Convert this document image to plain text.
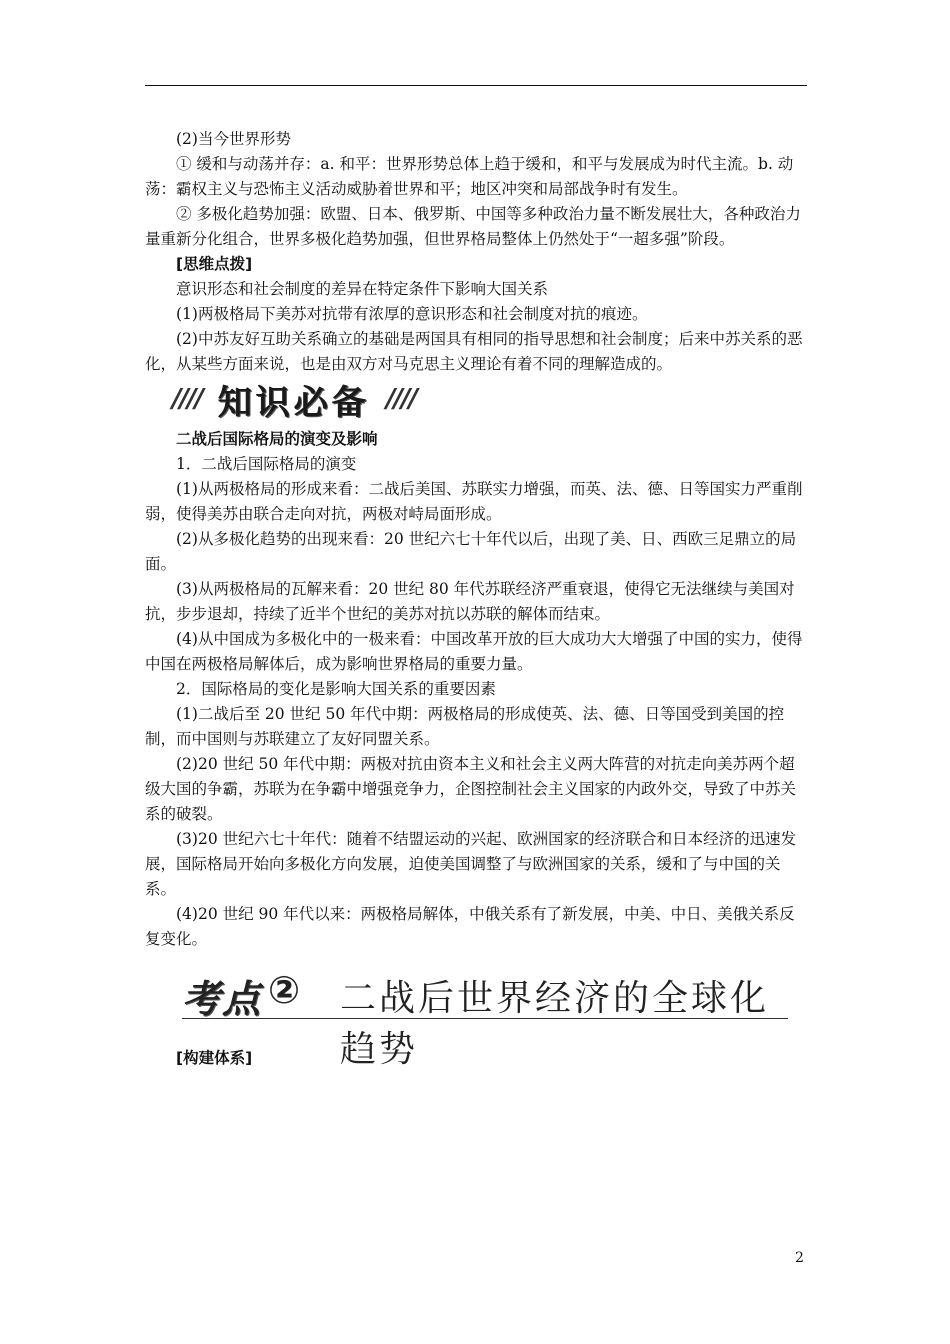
(2)当今世界形势

① 缓和与动荡并存：a. 和平：世界形势总体上趋于缓和，和平与发展成为时代主流。b. 动荡：霸权主义与恐怖主义活动威胁着世界和平；地区冲突和局部战争时有发生。

② 多极化趋势加强：欧盟、日本、俄罗斯、中国等多种政治力量不断发展壮大，各种政治力量重新分化组合，世界多极化趋势加强，但世界格局整体上仍然处于“一超多强”阶段。

[思维点拨]

意识形态和社会制度的差异在特定条件下影响大国关系

(1)两极格局下美苏对抗带有浓厚的意识形态和社会制度对抗的痕迹。

(2)中苏友好互助关系确立的基础是两国具有相同的指导思想和社会制度；后来中苏关系的恶化，从某些方面来说，也是由双方对马克思主义理论有着不同的理解造成的。

//// 知识必备 ////

二战后国际格局的演变及影响

1．二战后国际格局的演变

(1)从两极格局的形成来看：二战后美国、苏联实力增强，而英、法、德、日等国实力严重削弱，使得美苏由联合走向对抗，两极对峙局面形成。

(2)从多极化趋势的出现来看：20 世纪六七十年代以后，出现了美、日、西欧三足鼎立的局面。

(3)从两极格局的瓦解来看：20 世纪 80 年代苏联经济严重衰退，使得它无法继续与美国对抗，步步退却，持续了近半个世纪的美苏对抗以苏联的解体而结束。

(4)从中国成为多极化中的一极来看：中国改革开放的巨大成功大大增强了中国的实力，使得中国在两极格局解体后，成为影响世界格局的重要力量。

2．国际格局的变化是影响大国关系的重要因素

(1)二战后至 20 世纪 50 年代中期：两极格局的形成使英、法、德、日等国受到美国的控制，而中国则与苏联建立了友好同盟关系。

(2)20 世纪 50 年代中期：两极对抗由资本主义和社会主义两大阵营的对抗走向美苏两个超级大国的争霸，苏联为在争霸中增强竞争力，企图控制社会主义国家的内政外交，导致了中苏关系的破裂。

(3)20 世纪六七十年代：随着不结盟运动的兴起、欧洲国家的经济联合和日本经济的迅速发展，国际格局开始向多极化方向发展，迫使美国调整了与欧洲国家的关系，缓和了与中国的关系。

(4)20 世纪 90 年代以来：两极格局解体，中俄关系有了新发展，中美、中日、美俄关系反复变化。

考点 ② 二战后世界经济的全球化趋势

[构建体系]

2
